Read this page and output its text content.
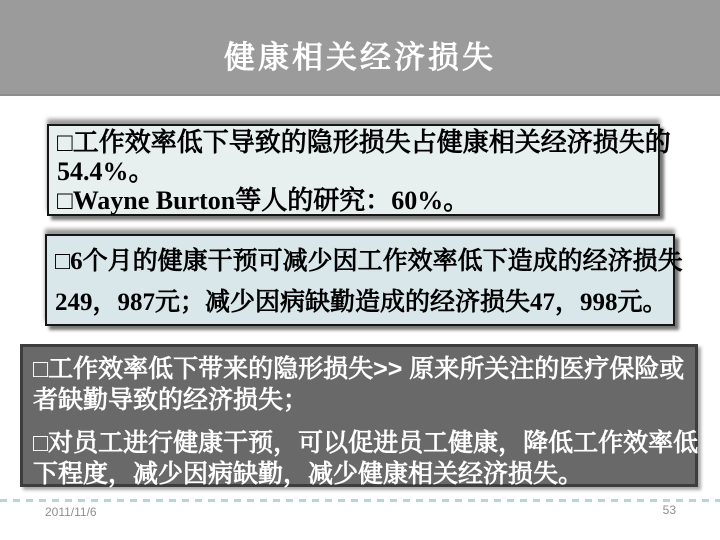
健康相关经济损失
□工作效率低下导致的隐形损失占健康相关经济损失的
54.4%。
□Wayne Burton等人的研究：60%。
□6个月的健康干预可减少因工作效率低下造成的经济损失
249，987元；减少因病缺勤造成的经济损失47，998元。
□工作效率低下带来的隐形损失>> 原来所关注的医疗保险或
者缺勤导致的经济损失；
□对员工进行健康干预，可以促进员工健康，降低工作效率低
下程度，减少因病缺勤，减少健康相关经济损失。
2011/11/6	53
